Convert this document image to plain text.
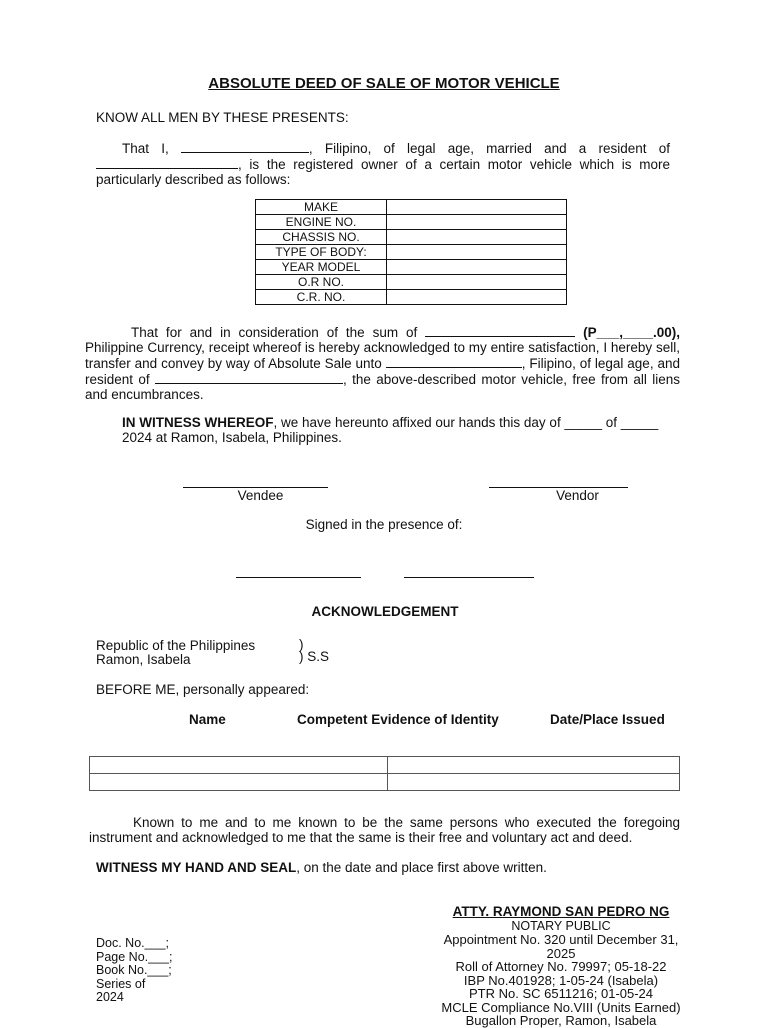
ABSOLUTE DEED OF SALE OF MOTOR VEHICLE
KNOW ALL MEN BY THESE PRESENTS:
That I,	, Filipino, of legal age, married and a resident of , is the registered owner of a certain motor vehicle which is more particularly described as follows:
MAKE	
ENGINE NO.	
CHASSIS NO.	
TYPE OF BODY:	
YEAR MODEL	
O.R NO.	
C.R. NO.	
That for and in consideration of the sum of	(P___,____.00), Philippine Currency, receipt whereof is hereby acknowledged to my entire satisfaction, I hereby sell, transfer and convey by way of Absolute Sale unto	, Filipino, of legal age, and resident of	, the above-described motor vehicle, free from all liens and encumbrances.
IN WITNESS WHEREOF, we have hereunto affixed our hands this day of _____ of _____ 2024 at Ramon, Isabela, Philippines.
Vendee	Vendor
Signed in the presence of:
ACKNOWLEDGEMENT
Republic of the Philippines
Ramon, Isabela
)
) S.S
BEFORE ME, personally appeared:
Name	Competent Evidence of Identity	Date/Place Issued

Known to me and to me known to be the same persons who executed the foregoing instrument and acknowledged to me that the same is their free and voluntary act and deed.
WITNESS MY HAND AND SEAL, on the date and place first above written.
Doc. No.___;
Page No.___;
Book No.___;
Series of
2024
ATTY. RAYMOND SAN PEDRO NG
NOTARY PUBLIC
Appointment No. 320 until December 31,
2025
Roll of Attorney No. 79997; 05-18-22
IBP No.401928; 1-05-24 (Isabela)
PTR No. SC 6511216; 01-05-24
MCLE Compliance No.VIII (Units Earned)
Bugallon Proper, Ramon, Isabela
